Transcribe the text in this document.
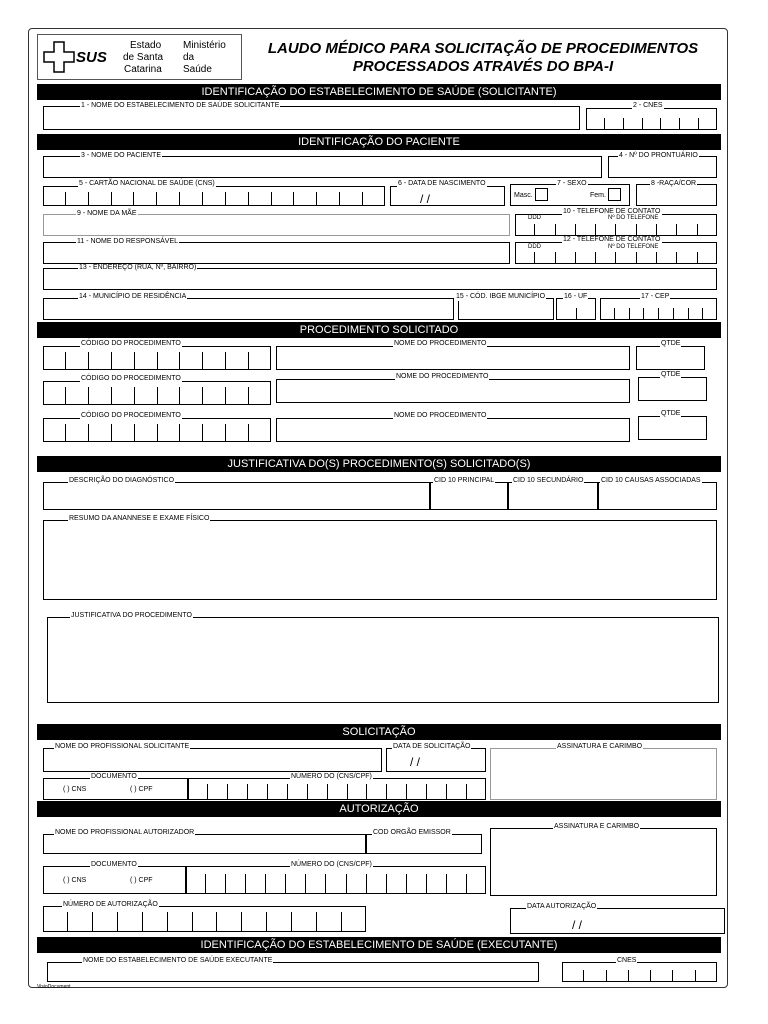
SUS
Estado
de Santa
Catarina
Ministério
da
Saúde
LAUDO MÉDICO PARA SOLICITAÇÃO DE PROCEDIMENTOS
PROCESSADOS ATRAVÉS DO BPA-I
IDENTIFICAÇÃO DO ESTABELECIMENTO DE SAÚDE (SOLICITANTE)
1 - NOME DO ESTABELECIMENTO DE SAÚDE SOLICITANTE	2 - CNES
IDENTIFICAÇÃO DO PACIENTE
3 - NOME DO PACIENTE	4 - Nº DO PRONTUÁRIO
5 - CARTÃO NACIONAL DE SAÚDE (CNS)
/ /
6 - DATA DE NASCIMENTO	7 - SEXO
Masc.	Fem.
8 -RAÇA/COR
9 - NOME DA MÃE	10 - TELEFONE DE CONTATO
DDD	Nº DO TELEFONE
11 - NOME DO RESPONSÁVEL	12 - TELEFONE DE CONTATO
DDD	Nº DO TELEFONE
13 - ENDEREÇO (RUA, Nº, BAIRRO)
14 - MUNICÍPIO DE RESIDÊNCIA	15 - CÓD. IBGE MUNICÍPIO	16 - UF	17 - CEP
PROCEDIMENTO SOLICITADO
CÓDIGO DO PROCEDIMENTO	NOME DO PROCEDIMENTO	QTDE
CÓDIGO DO PROCEDIMENTO	NOME DO PROCEDIMENTO	QTDE
CÓDIGO DO PROCEDIMENTO	NOME DO PROCEDIMENTO	QTDE
JUSTIFICATIVA DO(S) PROCEDIMENTO(S) SOLICITADO(S)
DESCRIÇÃO DO DIAGNÓSTICO	CID 10 PRINCIPAL	CID 10 SECUNDÁRIO	CID 10 CAUSAS ASSOCIADAS
RESUMO DA ANANNESE E EXAME FÍSICO
JUSTIFICATIVA DO PROCEDIMENTO
SOLICITAÇÃO
NOME DO PROFISSIONAL SOLICITANTE
/ /
DATA DE SOLICITAÇÃO	ASSINATURA E CARIMBO
DOCUMENTO
( ) CNS	( ) CPF
NÚMERO DO (CNS/CPF)
AUTORIZAÇÃO
NOME DO PROFISSIONAL AUTORIZADOR	COD ORGÃO EMISSOR
ASSINATURA E CARIMBO
DOCUMENTO
( ) CNS	( ) CPF
NÚMERO DO (CNS/CPF)
NÚMERO DE AUTORIZAÇÃO
/ /
DATA AUTORIZAÇÃO
IDENTIFICAÇÃO DO ESTABELECIMENTO DE SAÚDE (EXECUTANTE)
NOME DO ESTABELECIMENTO DE SAÚDE EXECUTANTE	CNES
VisioDocument
